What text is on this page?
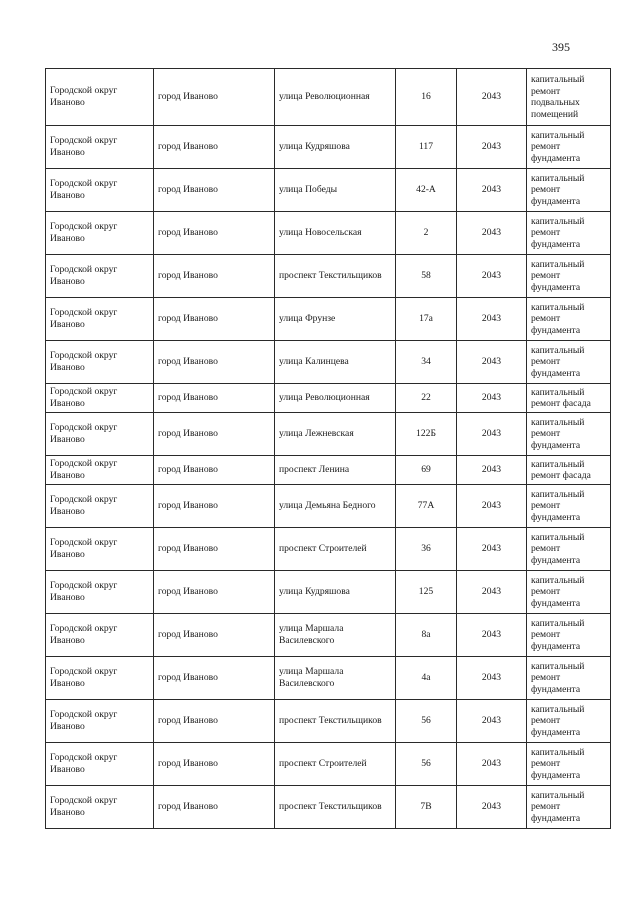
395
Городской округ Иваново	город Иваново	улица Революционная	16	2043	капитальный ремонт подвальных помещений
Городской округ Иваново	город Иваново	улица Кудряшова	117	2043	капитальный ремонт фундамента
Городской округ Иваново	город Иваново	улица Победы	42-А	2043	капитальный ремонт фундамента
Городской округ Иваново	город Иваново	улица Новосельская	2	2043	капитальный ремонт фундамента
Городской округ Иваново	город Иваново	проспект Текстильщиков	58	2043	капитальный ремонт фундамента
Городской округ Иваново	город Иваново	улица Фрунзе	17а	2043	капитальный ремонт фундамента
Городской округ Иваново	город Иваново	улица Калинцева	34	2043	капитальный ремонт фундамента
Городской округ Иваново	город Иваново	улица Революционная	22	2043	капитальный ремонт фасада
Городской округ Иваново	город Иваново	улица Лежневская	122Б	2043	капитальный ремонт фундамента
Городской округ Иваново	город Иваново	проспект Ленина	69	2043	капитальный ремонт фасада
Городской округ Иваново	город Иваново	улица Демьяна Бедного	77А	2043	капитальный ремонт фундамента
Городской округ Иваново	город Иваново	проспект Строителей	36	2043	капитальный ремонт фундамента
Городской округ Иваново	город Иваново	улица Кудряшова	125	2043	капитальный ремонт фундамента
Городской округ Иваново	город Иваново	улица Маршала Василевского	8а	2043	капитальный ремонт фундамента
Городской округ Иваново	город Иваново	улица Маршала Василевского	4а	2043	капитальный ремонт фундамента
Городской округ Иваново	город Иваново	проспект Текстильщиков	56	2043	капитальный ремонт фундамента
Городской округ Иваново	город Иваново	проспект Строителей	56	2043	капитальный ремонт фундамента
Городской округ Иваново	город Иваново	проспект Текстильщиков	7В	2043	капитальный ремонт фундамента
